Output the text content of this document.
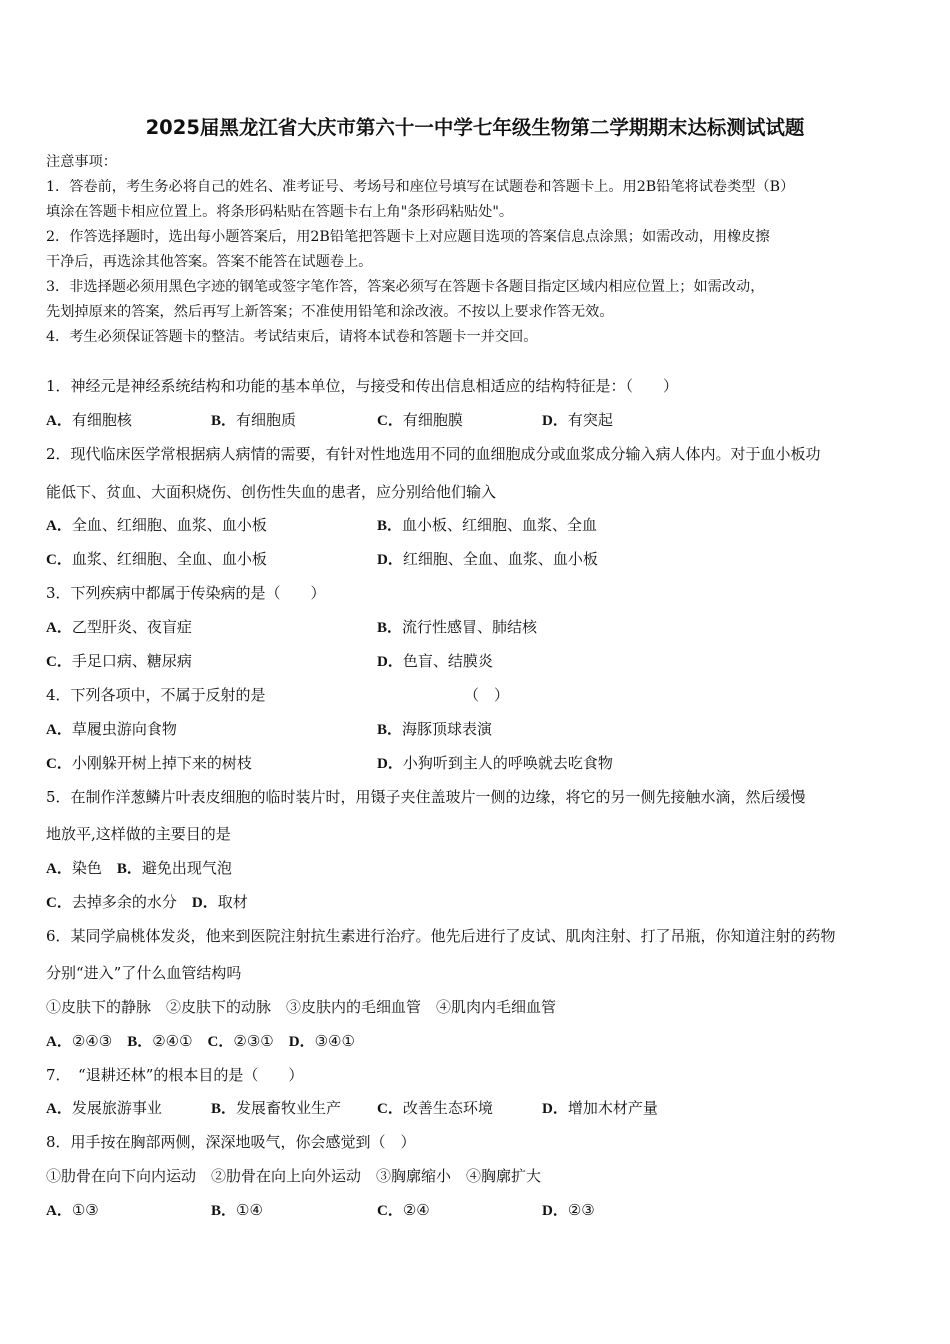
2025届黑龙江省大庆市第六十一中学七年级生物第二学期期末达标测试试题
注意事项：
1．答卷前，考生务必将自己的姓名、准考证号、考场号和座位号填写在试题卷和答题卡上。用2B铅笔将试卷类型（B）
填涂在答题卡相应位置上。将条形码粘贴在答题卡右上角"条形码粘贴处"。
2．作答选择题时，选出每小题答案后，用2B铅笔把答题卡上对应题目选项的答案信息点涂黑；如需改动，用橡皮擦
干净后，再选涂其他答案。答案不能答在试题卷上。
3．非选择题必须用黑色字迹的钢笔或签字笔作答，答案必须写在答题卡各题目指定区域内相应位置上；如需改动，
先划掉原来的答案，然后再写上新答案；不准使用铅笔和涂改液。不按以上要求作答无效。
4．考生必须保证答题卡的整洁。考试结束后，请将本试卷和答题卡一并交回。
1．神经元是神经系统结构和功能的基本单位，与接受和传出信息相适应的结构特征是：（　　）
A．有细胞核	B．有细胞质	C．有细胞膜	D．有突起
2．现代临床医学常根据病人病情的需要，有针对性地选用不同的血细胞成分或血浆成分输入病人体内。对于血小板功
能低下、贫血、大面积烧伤、创伤性失血的患者，应分别给他们输入
A．全血、红细胞、血浆、血小板	B．血小板、红细胞、血浆、全血
C．血浆、红细胞、全血、血小板	D．红细胞、全血、血浆、血小板
3．下列疾病中都属于传染病的是（　　）
A．乙型肝炎、夜盲症	B．流行性感冒、肺结核
C．手足口病、糖尿病	D．色盲、结膜炎
4．下列各项中，不属于反射的是	（　）
A．草履虫游向食物	B．海豚顶球表演
C．小刚躲开树上掉下来的树枝	D．小狗听到主人的呼唤就去吃食物
5．在制作洋葱鳞片叶表皮细胞的临时装片时，用镊子夹住盖玻片一侧的边缘，将它的另一侧先接触水滴，然后缓慢
地放平,这样做的主要目的是
A．染色  B．避免出现气泡
C．去掉多余的水分  D．取材
6．某同学扁桃体发炎，他来到医院注射抗生素进行治疗。他先后进行了皮试、肌肉注射、打了吊瓶，你知道注射的药物
分别“进入”了什么血管结构吗
①皮肤下的静脉　②皮肤下的动脉　③皮肤内的毛细血管　④肌肉内毛细血管
A．②④③  B．②④①  C．②③①  D．③④①
7．　“退耕还林”的根本目的是（　　）
A．发展旅游事业	B．发展畜牧业生产 C．改善生态环境	D．增加木材产量
8．用手按在胸部两侧，深深地吸气，你会感觉到（　）
①肋骨在向下向内运动　②肋骨在向上向外运动　③胸廓缩小　④胸廓扩大
A．①③	B．①④	C．②④	D．②③
